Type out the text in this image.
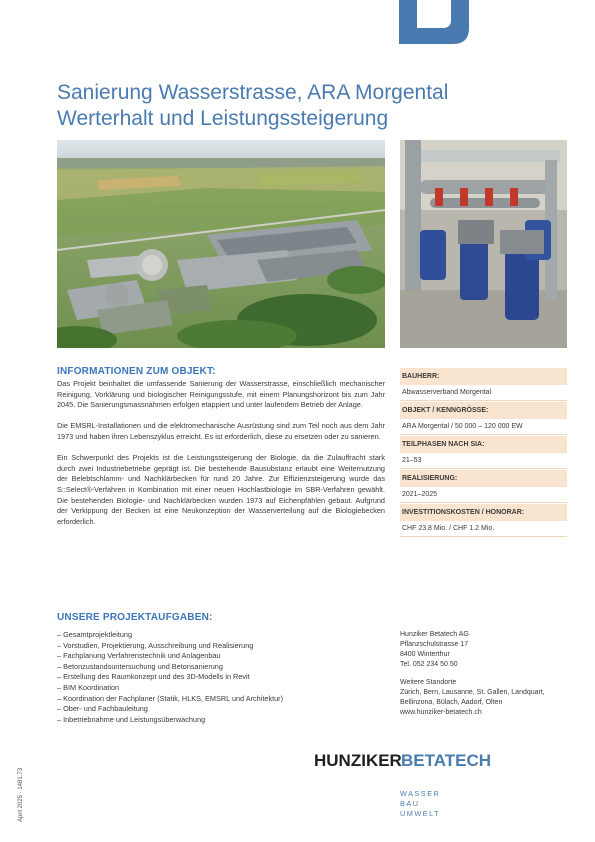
Sanierung Wasserstrasse, ARA Morgental
Werterhalt und Leistungssteigerung
INFORMATIONEN ZUM OBJEKT:

Das Projekt beinhaltet die umfassende Sanierung der Wasserstrasse, einschließlich mechanischer Reinigung, Vorklärung und biologischer Reinigungsstufe, mit einem Planungshorizont bis zum Jahr 2045. Die Sanierungsmassnahmen erfolgen etappiert und unter laufendem Betrieb der Anlage.

Die EMSRL-Installationen und die elektromechanische Ausrüstung sind zum Teil noch aus dem Jahr 1973 und haben ihren Lebenszyklus erreicht. Es ist erforderlich, diese zu ersetzen oder zu sanieren.

Ein Schwerpunkt des Projekts ist die Leistungssteigerung der Biologie, da die Zulauffracht stark durch zwei Industriebetriebe geprägt ist. Die bestehende Bausubstanz erlaubt eine Weiternutzung der Belebtschlamm- und Nachklärbecken für rund 20 Jahre. Zur Effizienzsteigerung wurde das S::Select®-Verfahren in Kombination mit einer neuen Hochlastbiologie im SBR-Verfahren gewählt. Die bestehenden Biologie- und Nachklärbecken wurden 1973 auf Eichenpfählen gebaut. Aufgrund der Verkippung der Becken ist eine Neukonzeption der Wasserverteilung auf die Biologiebecken erforderlich.

BAUHERR:
Abwasserverband Morgental
OBJEKT / KENNGRÖSSE:
ARA Morgental / 50 000 – 120 000 EW
TEILPHASEN NACH SIA:
21–53
REALISIERUNG:
2021–2025
INVESTITIONSKOSTEN / HONORAR:
CHF 23.8 Mio. / CHF 1.2 Mio.
UNSERE PROJEKTAUFGABEN:
– Gesamtprojektleitung
– Vorstudien, Projektierung, Ausschreibung und Realisierung
– Fachplanung Verfahrenstechnik und Anlagenbau
– Betonzustandsuntersuchung und Betonsanierung
– Erstellung des Raumkonzept und des 3D-Modells in Revit
– BIM Koordination
– Koordination der Fachplaner (Statik, HLKS, EMSRL und Architektur)
– Ober- und Fachbauleitung
– Inbetriebnahme und Leistungsüberwachung
Hunziker Betatech AG
Pflanzschulstrasse 17
8400 Winterthur
Tel. 052 234 50 50
Weitere Standorte
Zürich, Bern, Lausanne, St. Gallen, Landquart,
Bellinzona, Bülach, Aadorf, Olten
www.hunziker-betatech.ch
HUNZIKER BETATECH
WASSER
BAU
UMWELT
April 2025 · 1481.73
